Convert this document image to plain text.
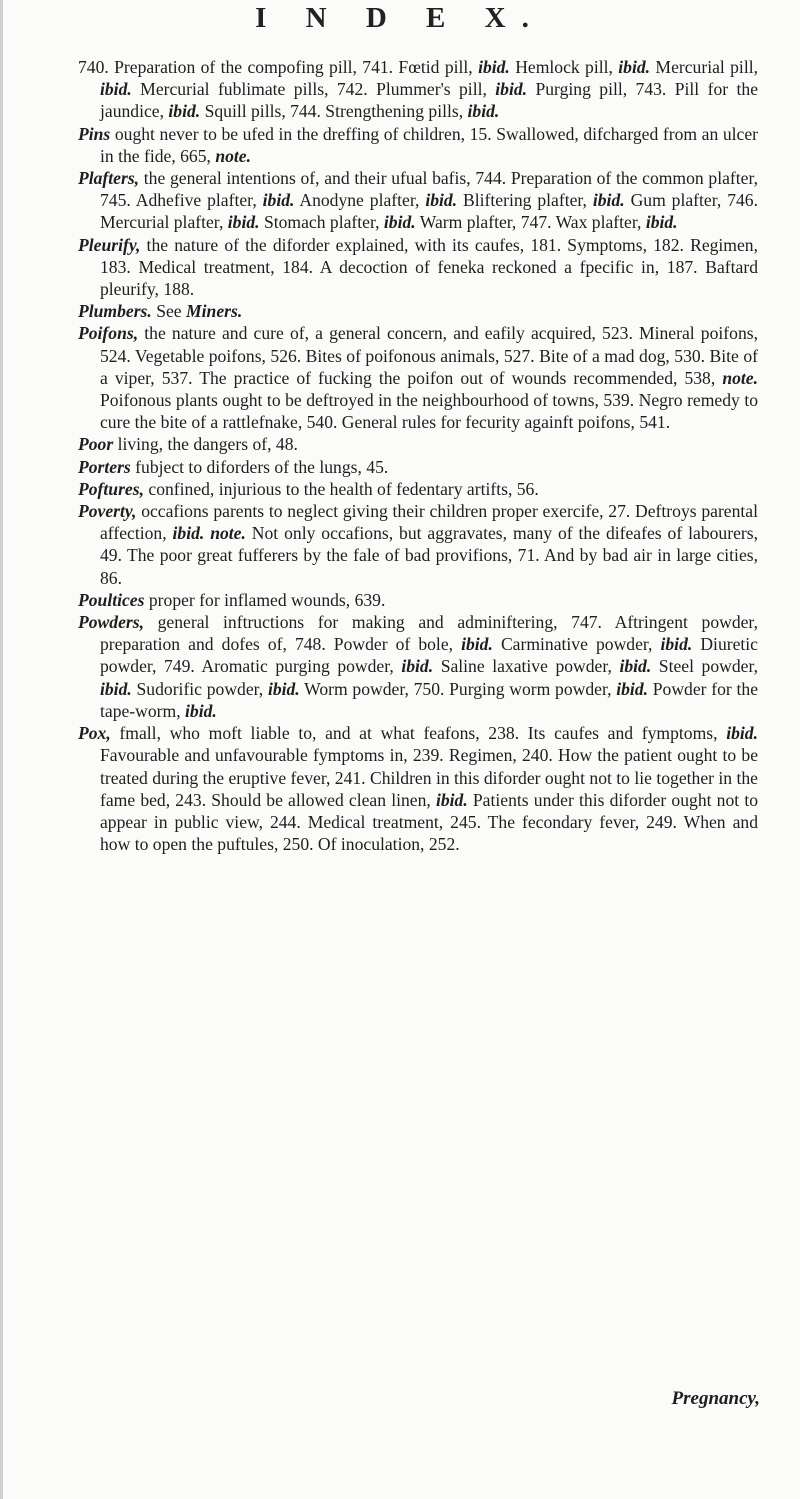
I N D E X.

740. Preparation of the compofing pill, 741. Fœtid pill, ibid. Hemlock pill, ibid. Mercurial pill, ibid. Mercurial fublimate pills, 742. Plummer's pill, ibid. Purging pill, 743. Pill for the jaundice, ibid. Squill pills, 744. Strengthening pills, ibid.

Pins ought never to be ufed in the dreffing of children, 15. Swallowed, difcharged from an ulcer in the fide, 665, note.

Plafters, the general intentions of, and their ufual bafis, 744. Preparation of the common plafter, 745. Adhefive plafter, ibid. Anodyne plafter, ibid. Bliftering plafter, ibid. Gum plafter, 746. Mercurial plafter, ibid. Stomach plafter, ibid. Warm plafter, 747. Wax plafter, ibid.

Pleurify, the nature of the diforder explained, with its caufes, 181. Symptoms, 182. Regimen, 183. Medical treatment, 184. A decoction of feneka reckoned a fpecific in, 187. Baftard pleurify, 188.

Plumbers. See Miners.

Poifons, the nature and cure of, a general concern, and eafily acquired, 523. Mineral poifons, 524. Vegetable poifons, 526. Bites of poifonous animals, 527. Bite of a mad dog, 530. Bite of a viper, 537. The practice of fucking the poifon out of wounds recommended, 538, note. Poifonous plants ought to be deftroyed in the neighbourhood of towns, 539. Negro remedy to cure the bite of a rattlefnake, 540. General rules for fecurity againft poifons, 541.

Poor living, the dangers of, 48.

Porters fubject to diforders of the lungs, 45.

Poftures, confined, injurious to the health of fedentary artifts, 56.

Poverty, occafions parents to neglect giving their children proper exercife, 27. Deftroys parental affection, ibid. note. Not only occafions, but aggravates, many of the difeafes of labourers, 49. The poor great fufferers by the fale of bad provifions, 71. And by bad air in large cities, 86.

Poultices proper for inflamed wounds, 639.

Powders, general inftructions for making and adminiftering, 747. Aftringent powder, preparation and dofes of, 748. Powder of bole, ibid. Carminative powder, ibid. Diuretic powder, 749. Aromatic purging powder, ibid. Saline laxative powder, ibid. Steel powder, ibid. Sudorific powder, ibid. Worm powder, 750. Purging worm powder, ibid. Powder for the tape-worm, ibid.

Pox, fmall, who moft liable to, and at what feafons, 238. Its caufes and fymptoms, ibid. Favourable and unfavourable fymptoms in, 239. Regimen, 240. How the patient ought to be treated during the eruptive fever, 241. Children in this diforder ought not to lie together in the fame bed, 243. Should be allowed clean linen, ibid. Patients under this diforder ought not to appear in public view, 244. Medical treatment, 245. The fecondary fever, 249. When and how to open the puftules, 250. Of inoculation, 252.

Pregnancy,
